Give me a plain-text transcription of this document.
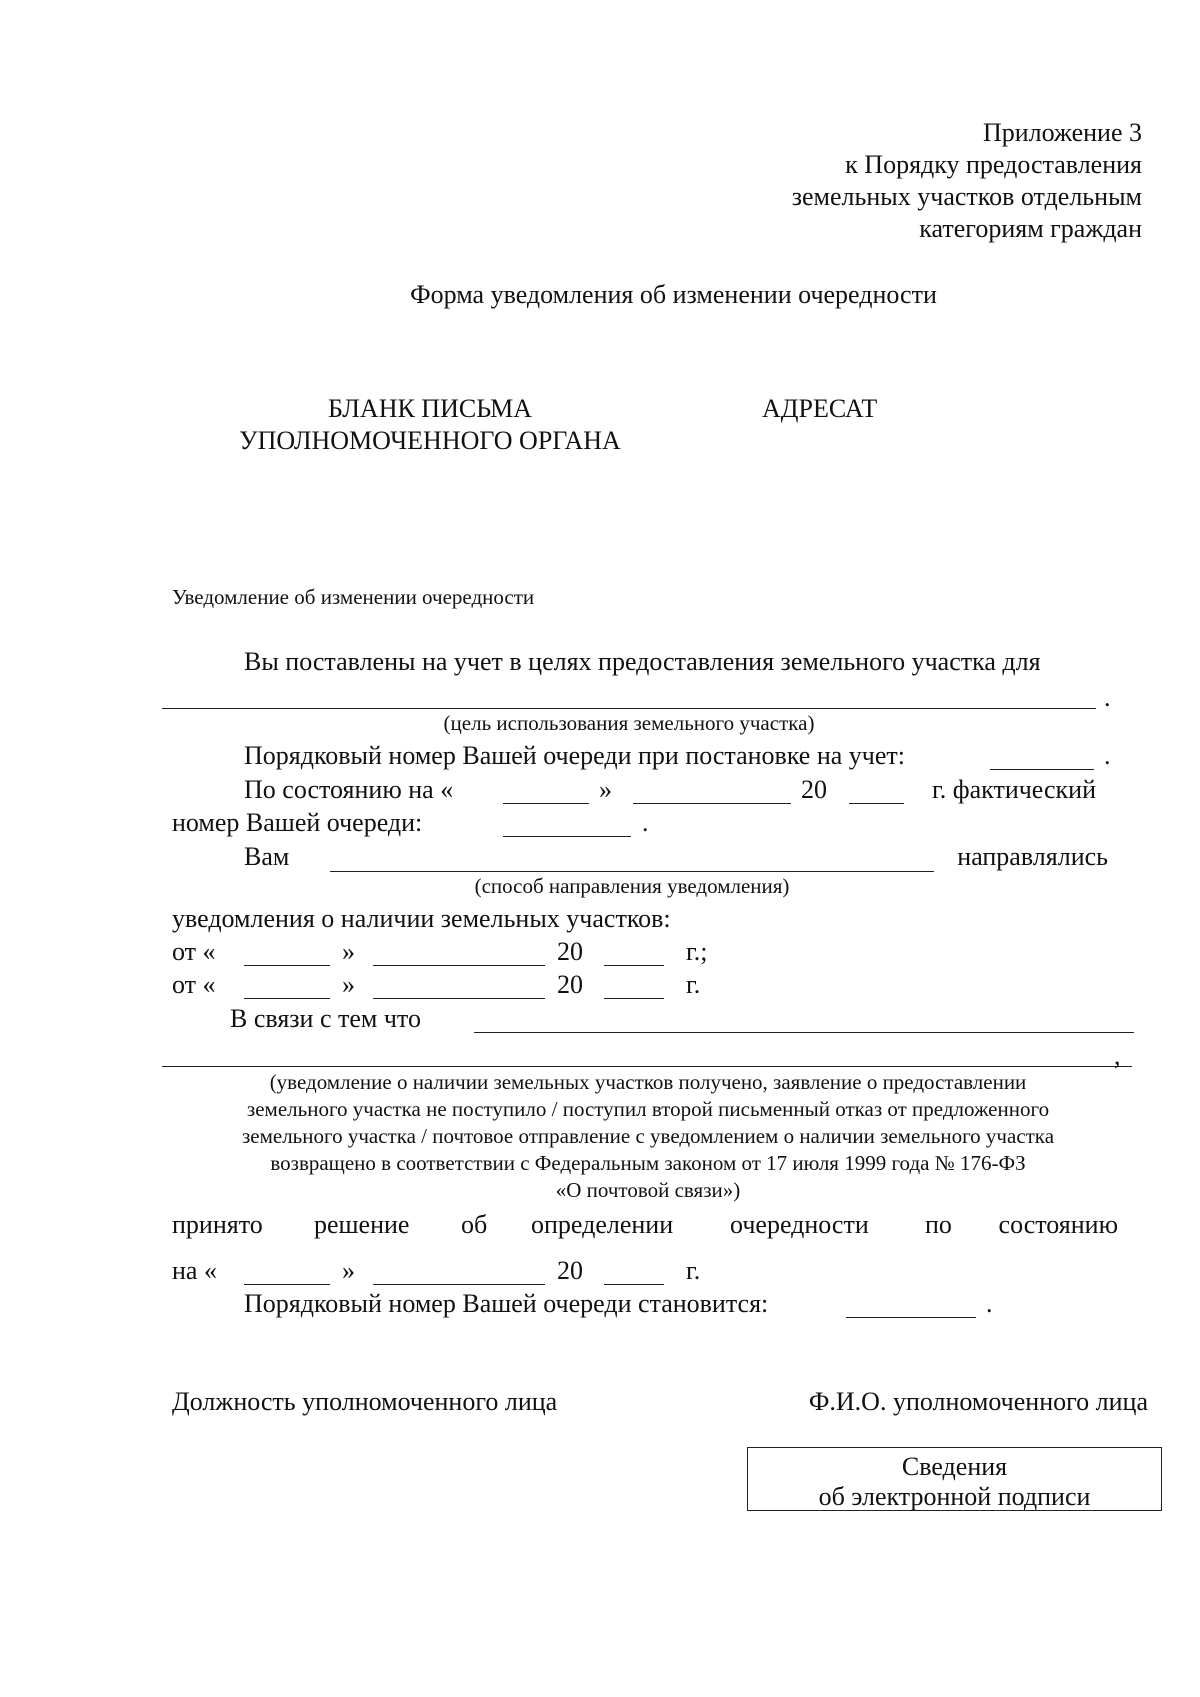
Приложение 3
к Порядку предоставления
земельных участков отдельным
категориям граждан
Форма уведомления об изменении очередности
БЛАНК ПИСЬМА
УПОЛНОМОЧЕННОГО ОРГАНА
АДРЕСАТ
Уведомление об изменении очередности
Вы поставлены на учет в целях предоставления земельного участка для
.
(цель использования земельного участка)
Порядковый номер Вашей очереди при постановке на учет:	.
По состоянию на «	»	20	г. фактический
номер Вашей очереди:	.
Вам	направлялись
(способ направления уведомления)
уведомления о наличии земельных участков:
от «	»	20	г.;
от «	»	20	г.
В связи с тем что
,
(уведомление о наличии земельных участков получено, заявление о предоставлении
земельного участка не поступило / поступил второй письменный отказ от предложенного
земельного участка / почтовое отправление с уведомлением о наличии земельного участка
возвращено в соответствии с Федеральным законом от 17 июля 1999 года № 176-ФЗ
«О почтовой связи»)
принято решение об определении очередности по состоянию
на «	»	20	г.
Порядковый номер Вашей очереди становится:	.
Должность уполномоченного лица	Ф.И.О. уполномоченного лица
Сведения
об электронной подписи
